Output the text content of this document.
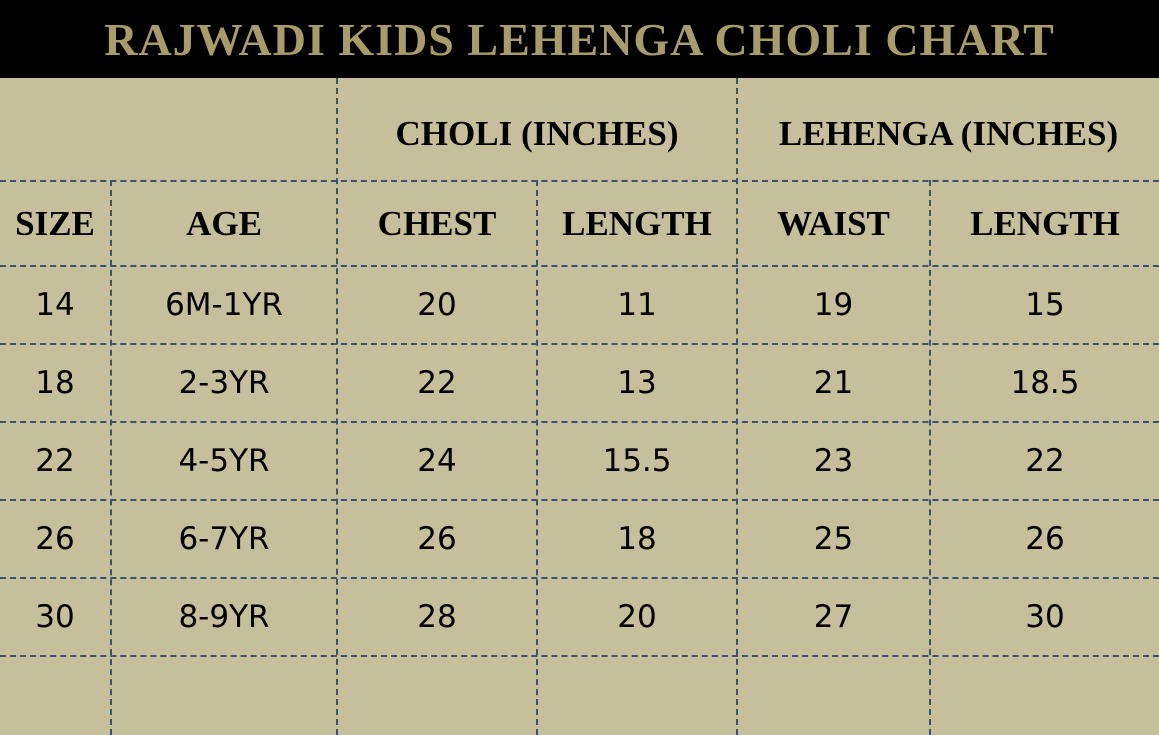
RAJWADI KIDS LEHENGA CHOLI CHART
CHOLI (INCHES)	LEHENGA (INCHES)
SIZE	AGE	CHEST	LENGTH	WAIST	LENGTH
14	6M-1YR	20	11	19	15
18	2-3YR	22	13	21	18.5
22	4-5YR	24	15.5	23	22
26	6-7YR	26	18	25	26
30	8-9YR	28	20	27	30
